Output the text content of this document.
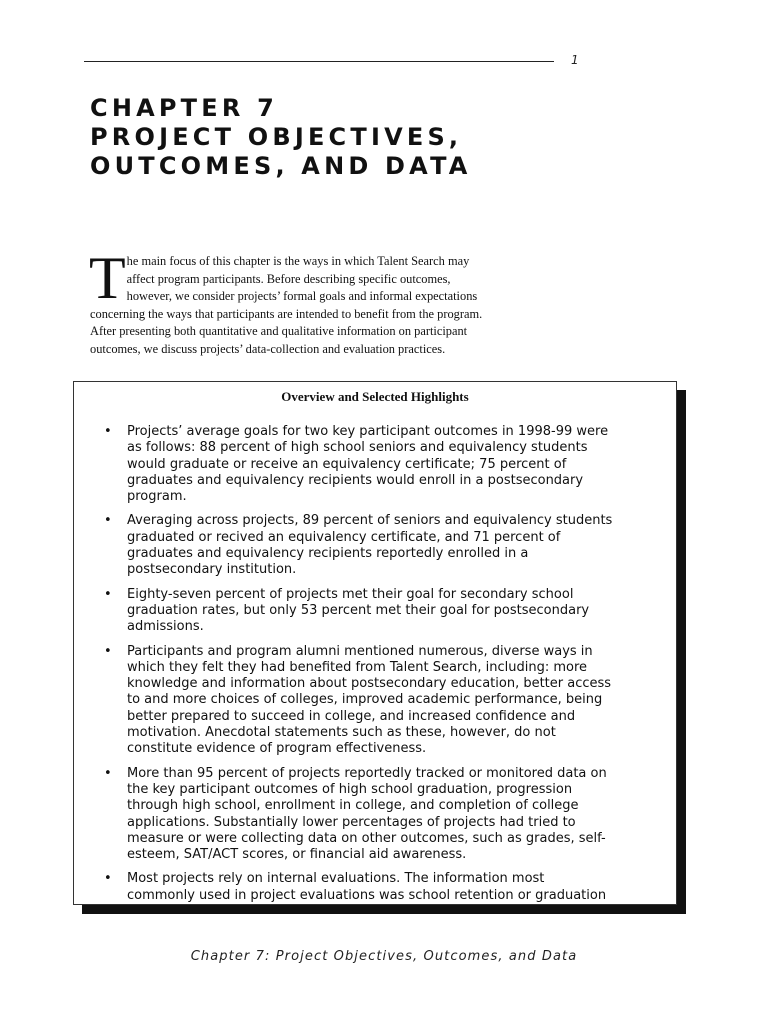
1
CHAPTER 7
PROJECT OBJECTIVES,
OUTCOMES, AND DATA
T he main focus of this chapter is the ways in which Talent Search may
affect program participants. Before describing specific outcomes,
however, we consider projects’ formal goals and informal expectations
concerning the ways that participants are intended to benefit from the program.
After presenting both quantitative and qualitative information on participant
outcomes, we discuss projects’ data-collection and evaluation practices.
Overview and Selected Highlights
• Projects’ average goals for two key participant outcomes in 1998-99 were
as follows: 88 percent of high school seniors and equivalency students
would graduate or receive an equivalency certificate; 75 percent of
graduates and equivalency recipients would enroll in a postsecondary
program.
• Averaging across projects, 89 percent of seniors and equivalency students
graduated or recived an equivalency certificate, and 71 percent of
graduates and equivalency recipients reportedly enrolled in a
postsecondary institution.
• Eighty-seven percent of projects met their goal for secondary school
graduation rates, but only 53 percent met their goal for postsecondary
admissions.
• Participants and program alumni mentioned numerous, diverse ways in
which they felt they had benefited from Talent Search, including: more
knowledge and information about postsecondary education, better access
to and more choices of colleges, improved academic performance, being
better prepared to succeed in college, and increased confidence and
motivation. Anecdotal statements such as these, however, do not
constitute evidence of program effectiveness.
• More than 95 percent of projects reportedly tracked or monitored data on
the key participant outcomes of high school graduation, progression
through high school, enrollment in college, and completion of college
applications. Substantially lower percentages of projects had tried to
measure or were collecting data on other outcomes, such as grades, self-
esteem, SAT/ACT scores, or financial aid awareness.
• Most projects rely on internal evaluations. The information most
commonly used in project evaluations was school retention or graduation
Chapter 7: Project Objectives, Outcomes, and Data
